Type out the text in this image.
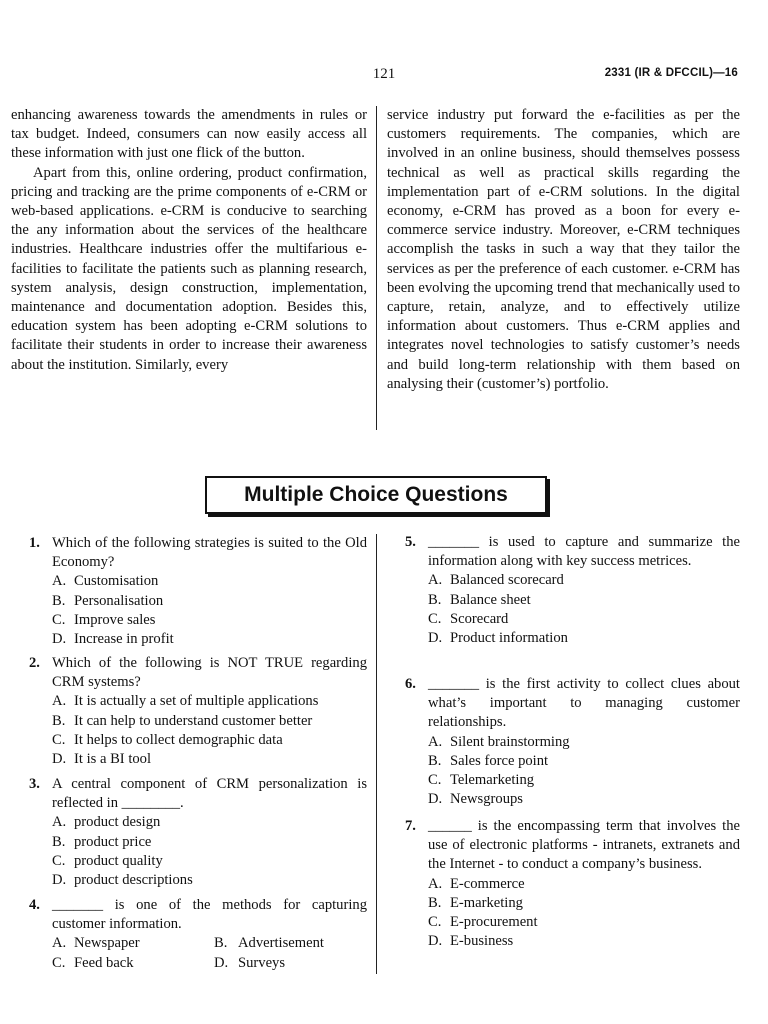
121	2331 (IR & DFCCIL)—16

enhancing awareness towards the amendments in rules or tax budget. Indeed, consumers can now easily access all these information with just one flick of the button.

Apart from this, online ordering, product confirmation, pricing and tracking are the prime components of e-CRM or web-based applications. e-CRM is conducive to searching the any information about the services of the healthcare industries. Healthcare industries offer the multifarious e-facilities to facilitate the patients such as planning research, system analysis, design construction, implementation, maintenance and documentation adoption. Besides this, education system has been adopting e-CRM solutions to facilitate their students in order to increase their awareness about the institution. Similarly, every

service industry put forward the e-facilities as per the customers requirements. The companies, which are involved in an online business, should themselves possess technical as well as practical skills regarding the implementation part of e-CRM solutions. In the digital economy, e-CRM has proved as a boon for every e-commerce service industry. Moreover, e-CRM techniques accomplish the tasks in such a way that they tailor the services as per the preference of each customer. e-CRM has been evolving the upcoming trend that mechanically used to capture, retain, analyze, and to effectively utilize information about customers. Thus e-CRM applies and integrates novel technologies to satisfy customer’s needs and build long-term relationship with them based on analysing their (customer’s) portfolio.

Multiple Choice Questions
1. Which of the following strategies is suited to the Old Economy?
A. Customisation
B. Personalisation
C. Improve sales
D. Increase in profit
2. Which of the following is NOT TRUE regarding CRM systems?
A. It is actually a set of multiple applications
B. It can help to understand customer better
C. It helps to collect demographic data
D. It is a BI tool
3. A central component of CRM personalization is reflected in ________.
A. product design
B. product price
C. product quality
D. product descriptions
4. _______ is one of the methods for capturing customer information.
A. Newspaper	B. Advertisement
C. Feed back	D. Surveys
5. _______ is used to capture and summarize the information along with key success metrices.
A. Balanced scorecard
B. Balance sheet
C. Scorecard
D. Product information
6. _______ is the first activity to collect clues about what’s important to managing customer relationships.
A. Silent brainstorming
B. Sales force point
C. Telemarketing
D. Newsgroups
7. ______ is the encompassing term that involves the use of electronic platforms - intranets, extranets and the Internet - to conduct a company’s business.
A. E-commerce
B. E-marketing
C. E-procurement
D. E-business
